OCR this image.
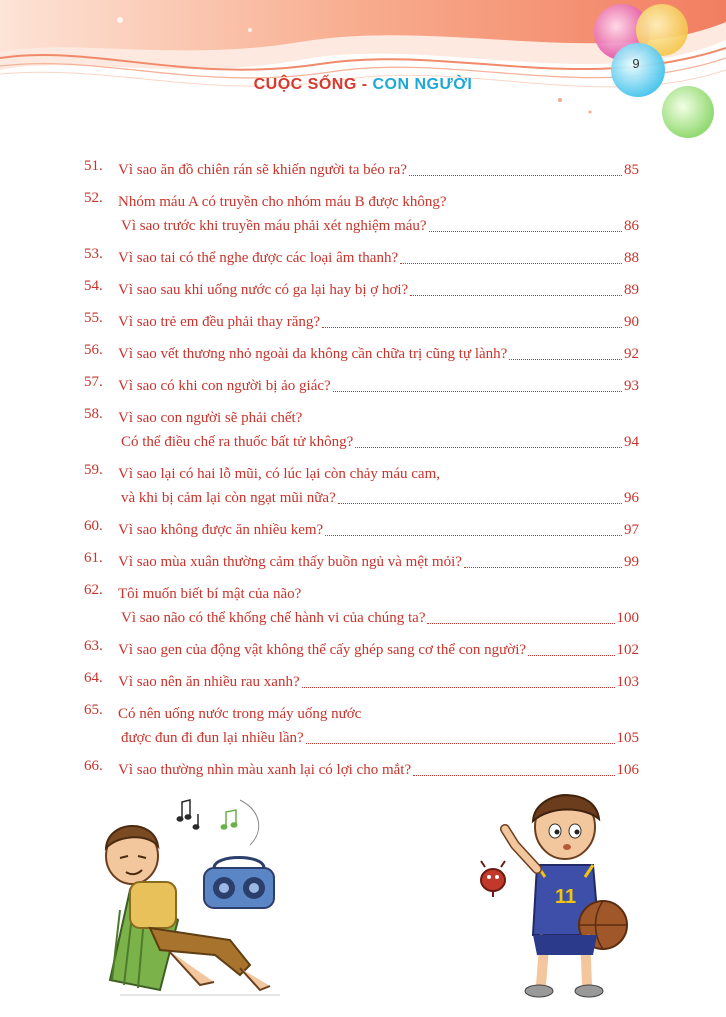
CUỘC SỐNG - CON NGƯỜI
9
51. Vì sao ăn đồ chiên rán sẽ khiến người ta béo ra?	85
52. Nhóm máu A có truyền cho nhóm máu B được không?
Vì sao trước khi truyền máu phải xét nghiệm máu?	86
53. Vì sao tai có thể nghe được các loại âm thanh?	88
54. Vì sao sau khi uống nước có ga lại hay bị ợ hơi?	89
55. Vì sao trẻ em đều phải thay răng?	90
56. Vì sao vết thương nhỏ ngoài da không cần chữa trị cũng tự lành?	92
57. Vì sao có khi con người bị ảo giác?	93
58. Vì sao con người sẽ phải chết?
Có thể điều chế ra thuốc bất tử không?	94
59. Vì sao lại có hai lỗ mũi, có lúc lại còn chảy máu cam,
và khi bị cảm lại còn ngạt mũi nữa?	96
60. Vì sao không được ăn nhiều kem?	97
61. Vì sao mùa xuân thường cảm thấy buồn ngủ và mệt mỏi?	99
62. Tôi muốn biết bí mật của não?
Vì sao não có thể khống chế hành vi của chúng ta?	100
63. Vì sao gen của động vật không thể cấy ghép sang cơ thể con người?	102
64. Vì sao nên ăn nhiều rau xanh?	103
65. Có nên uống nước trong máy uống nước
được đun đi đun lại nhiều lần?	105
66. Vì sao thường nhìn màu xanh lại có lợi cho mắt?	106
11
